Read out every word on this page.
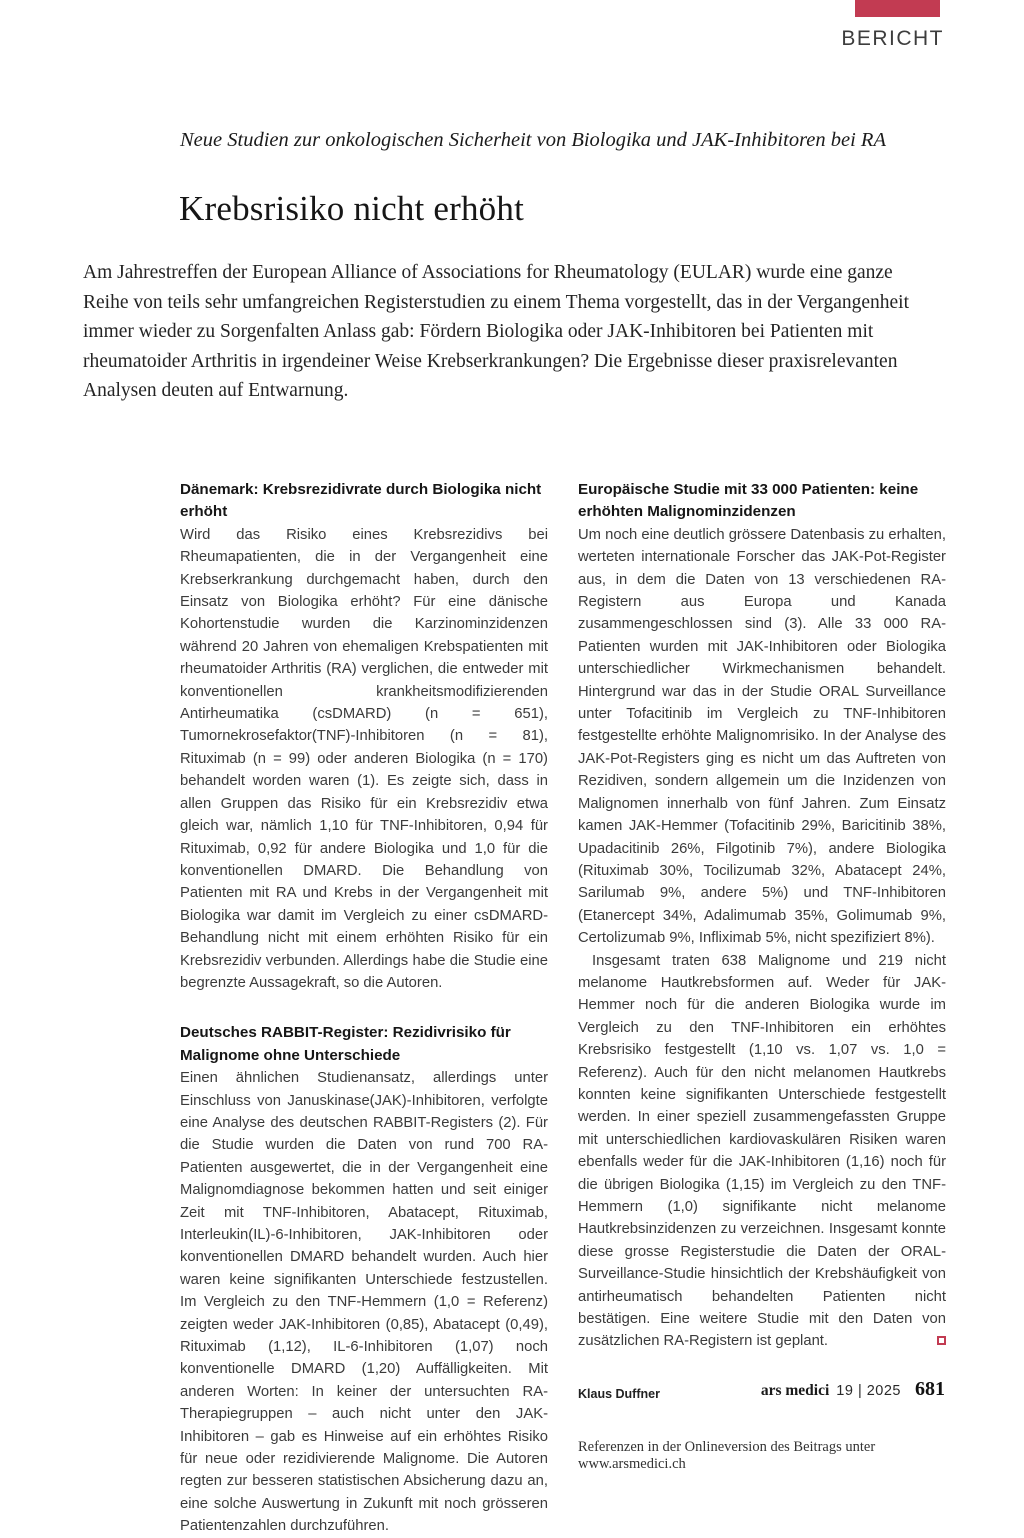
BERICHT
Neue Studien zur onkologischen Sicherheit von Biologika und JAK-Inhibitoren bei RA
Krebsrisiko nicht erhöht
Am Jahrestreffen der European Alliance of Associations for Rheumatology (EULAR) wurde eine ganze Reihe von teils sehr umfangreichen Registerstudien zu einem Thema vorgestellt, das in der Vergangenheit immer wieder zu Sorgenfalten Anlass gab: Fördern Biologika oder JAK-Inhibitoren bei Patienten mit rheumatoider Arthritis in irgendeiner Weise Krebserkrankungen? Die Ergebnisse dieser praxisrelevanten Analysen deuten auf Entwarnung.
Dänemark: Krebsrezidivrate durch Biologika nicht erhöht

Wird das Risiko eines Krebsrezidivs bei Rheumapatienten, die in der Vergangenheit eine Krebserkrankung durchgemacht haben, durch den Einsatz von Biologika erhöht? Für eine dänische Kohortenstudie wurden die Karzinominzidenzen während 20 Jahren von ehemaligen Krebspatienten mit rheumatoider Arthritis (RA) verglichen, die entweder mit konventionellen krankheitsmodifizierenden Antirheumatika (csDMARD) (n = 651), Tumornekrosefaktor(TNF)-Inhibitoren (n = 81), Rituximab (n = 99) oder anderen Biologika (n = 170) behandelt worden waren (1). Es zeigte sich, dass in allen Gruppen das Risiko für ein Krebsrezidiv etwa gleich war, nämlich 1,10 für TNF-Inhibitoren, 0,94 für Rituximab, 0,92 für andere Biologika und 1,0 für die konventionellen DMARD. Die Behandlung von Patienten mit RA und Krebs in der Vergangenheit mit Biologika war damit im Vergleich zu einer csDMARD-Behandlung nicht mit einem erhöhten Risiko für ein Krebsrezidiv verbunden. Allerdings habe die Studie eine begrenzte Aussagekraft, so die Autoren.

Deutsches RABBIT-Register: Rezidivrisiko für Malignome ohne Unterschiede

Einen ähnlichen Studienansatz, allerdings unter Einschluss von Januskinase(JAK)-Inhibitoren, verfolgte eine Analyse des deutschen RABBIT-Registers (2). Für die Studie wurden die Daten von rund 700 RA-Patienten ausgewertet, die in der Vergangenheit eine Malignomdiagnose bekommen hatten und seit einiger Zeit mit TNF-Inhibitoren, Abatacept, Rituximab, Interleukin(IL)-6-Inhibitoren, JAK-Inhibitoren oder konventionellen DMARD behandelt wurden. Auch hier waren keine signifikanten Unterschiede festzustellen. Im Vergleich zu den TNF-Hemmern (1,0 = Referenz) zeigten weder JAK-Inhibitoren (0,85), Abatacept (0,49), Rituximab (1,12), IL-6-Inhibitoren (1,07) noch konventionelle DMARD (1,20) Auffälligkeiten. Mit anderen Worten: In keiner der untersuchten RA-Therapiegruppen – auch nicht unter den JAK-Inhibitoren – gab es Hinweise auf ein erhöhtes Risiko für neue oder rezidivierende Malignome. Die Autoren regten zur besseren statistischen Absicherung dazu an, eine solche Auswertung in Zukunft mit noch grösseren Patientenzahlen durchzuführen.

Europäische Studie mit 33 000 Patienten: keine erhöhten Malignominzidenzen

Um noch eine deutlich grössere Datenbasis zu erhalten, werteten internationale Forscher das JAK-Pot-Register aus, in dem die Daten von 13 verschiedenen RA-Registern aus Europa und Kanada zusammengeschlossen sind (3). Alle 33 000 RA-Patienten wurden mit JAK-Inhibitoren oder Biologika unterschiedlicher Wirkmechanismen behandelt. Hintergrund war das in der Studie ORAL Surveillance unter Tofacitinib im Vergleich zu TNF-Inhibitoren festgestellte erhöhte Malignomrisiko. In der Analyse des JAK-Pot-Registers ging es nicht um das Auftreten von Rezidiven, sondern allgemein um die Inzidenzen von Malignomen innerhalb von fünf Jahren. Zum Einsatz kamen JAK-Hemmer (Tofacitinib 29%, Baricitinib 38%, Upadacitinib 26%, Filgotinib 7%), andere Biologika (Rituximab 30%, Tocilizumab 32%, Abatacept 24%, Sarilumab 9%, andere 5%) und TNF-Inhibitoren (Etanercept 34%, Adalimumab 35%, Golimumab 9%, Certolizumab 9%, Infliximab 5%, nicht spezifiziert 8%).

Insgesamt traten 638 Malignome und 219 nicht melanome Hautkrebsformen auf. Weder für JAK-Hemmer noch für die anderen Biologika wurde im Vergleich zu den TNF-Inhibitoren ein erhöhtes Krebsrisiko festgestellt (1,10 vs. 1,07 vs. 1,0 = Referenz). Auch für den nicht melanomen Hautkrebs konnten keine signifikanten Unterschiede festgestellt werden. In einer speziell zusammengefassten Gruppe mit unterschiedlichen kardiovaskulären Risiken waren ebenfalls weder für die JAK-Inhibitoren (1,16) noch für die übrigen Biologika (1,15) im Vergleich zu den TNF-Hemmern (1,0) signifikante nicht melanome Hautkrebsinzidenzen zu verzeichnen. Insgesamt konnte diese grosse Registerstudie die Daten der ORAL-Surveillance-Studie hinsichtlich der Krebshäufigkeit von antirheumatisch behandelten Patienten nicht bestätigen. Eine weitere Studie mit den Daten von zusätzlichen RA-Registern ist geplant.

Klaus Duffner
Referenzen in der Onlineversion des Beitrags unter www.arsmedici.ch
ars medici 19 | 2025 681
